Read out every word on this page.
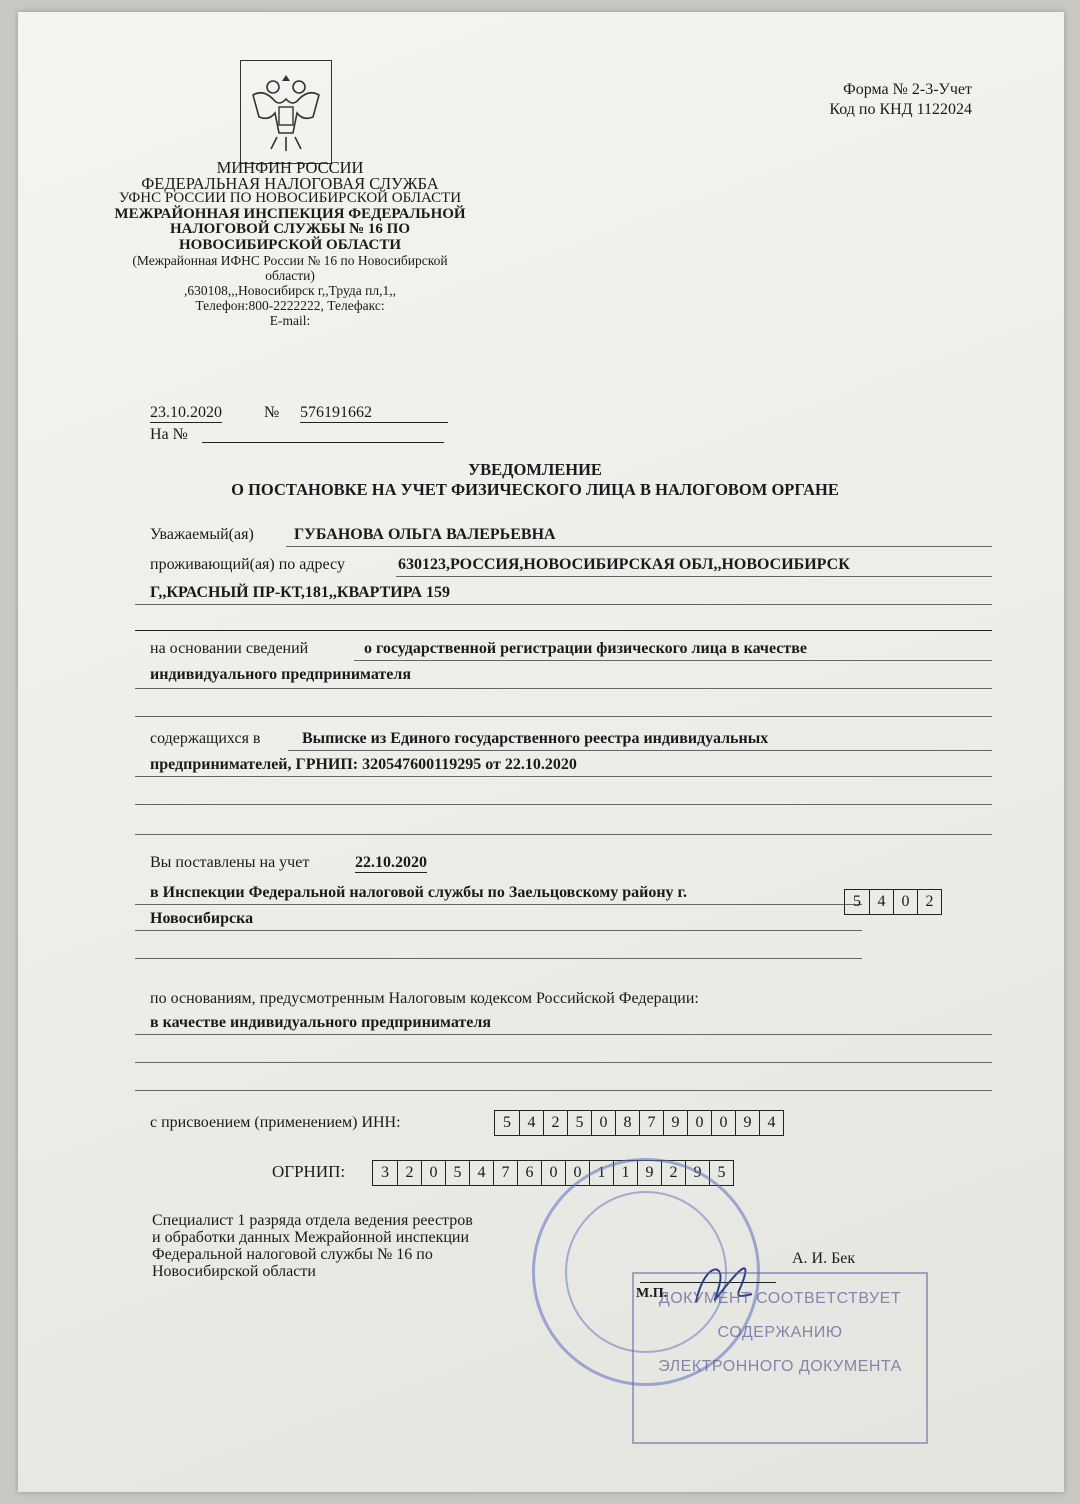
Форма № 2-3-Учет
Код по КНД 1122024
МИНФИН РОССИИ
ФЕДЕРАЛЬНАЯ НАЛОГОВАЯ СЛУЖБА
УФНС РОССИИ ПО НОВОСИБИРСКОЙ ОБЛАСТИ
МЕЖРАЙОННАЯ ИНСПЕКЦИЯ ФЕДЕРАЛЬНОЙ
НАЛОГОВОЙ СЛУЖБЫ № 16 ПО
НОВОСИБИРСКОЙ ОБЛАСТИ
(Межрайонная ИФНС России № 16 по Новосибирской
области)
,630108,,,Новосибирск г,,Труда пл,1,,
Телефон:800-2222222, Телефакс:
E-mail:
23.10.2020	№ 576191662
На №
УВЕДОМЛЕНИЕ
О ПОСТАНОВКЕ НА УЧЕТ ФИЗИЧЕСКОГО ЛИЦА В НАЛОГОВОМ ОРГАНЕ
Уважаемый(ая)	ГУБАНОВА ОЛЬГА ВАЛЕРЬЕВНА
проживающий(ая) по адресу	630123,РОССИЯ,НОВОСИБИРСКАЯ ОБЛ,,НОВОСИБИРСК
Г,,КРАСНЫЙ ПР-КТ,181,,КВАРТИРА 159
на основании сведений	о государственной регистрации физического лица в качестве
индивидуального предпринимателя
содержащихся в	Выписке из Единого государственного реестра индивидуальных
предпринимателей, ГРНИП: 320547600119295 от 22.10.2020
Вы поставлены на учет	22.10.2020
в Инспекции Федеральной налоговой службы по Заельцовскому району г.
Новосибирска
5	4	0	2
по основаниям, предусмотренным Налоговым кодексом Российской Федерации:
в качестве индивидуального предпринимателя
с присвоением (применением) ИНН:	5	4	2	5	0	8	7	9	0	0	9	4
ОГРНИП:	3	2	0	5	4	7	6	0	0	1	1	9	2	9	5
Специалист 1 разряда отдела ведения реестров
и обработки данных Межрайонной инспекции
Федеральной налоговой службы № 16 по
Новосибирской области
А. И. Бек
М.П.
ДОКУМЕНТ СООТВЕТСТВУЕТ
СОДЕРЖАНИЮ
ЭЛЕКТРОННОГО ДОКУМЕНТА
